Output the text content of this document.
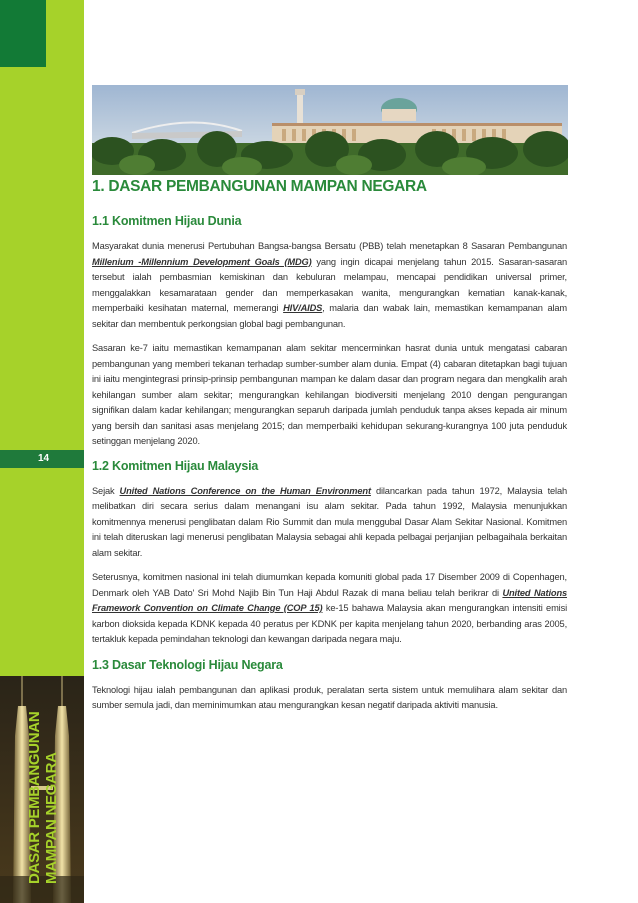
14
DASAR PEMBANGUNAN MAMPAN NEGARA
1. DASAR PEMBANGUNAN MAMPAN NEGARA
1.1 Komitmen Hijau Dunia

Masyarakat dunia menerusi Pertubuhan Bangsa-bangsa Bersatu (PBB) telah menetapkan 8 Sasaran Pembangunan Millenium -Millennium Development Goals (MDG) yang ingin dicapai menjelang tahun 2015. Sasaran-sasaran tersebut ialah pembasmian kemiskinan dan kebuluran melampau, mencapai pendidikan universal primer, menggalakkan kesamarataan gender dan memperkasakan wanita, mengurangkan kematian kanak-kanak, memperbaiki kesihatan maternal, memerangi HIV/AIDS, malaria dan wabak lain, memastikan kemampanan alam sekitar dan membentuk perkongsian global bagi pembangunan.

Sasaran ke-7 iaitu memastikan kemampanan alam sekitar mencerminkan hasrat dunia untuk mengatasi cabaran pembangunan yang memberi tekanan terhadap sumber-sumber alam dunia. Empat (4) cabaran ditetapkan bagi tujuan ini iaitu mengintegrasi prinsip-prinsip pembangunan mampan ke dalam dasar dan program negara dan mengkalih arah kehilangan sumber alam sekitar; mengurangkan kehilangan biodiversiti menjelang 2010 dengan pengurangan signifikan dalam kadar kehilangan; mengurangkan separuh daripada jumlah penduduk tanpa akses kepada air minum yang bersih dan sanitasi asas menjelang 2015; dan memperbaiki kehidupan sekurang-kurangnya 100 juta penduduk setinggan menjelang 2020.

1.2 Komitmen Hijau Malaysia

Sejak United Nations Conference on the Human Environment dilancarkan pada tahun 1972, Malaysia telah melibatkan diri secara serius dalam menangani isu alam sekitar. Pada tahun 1992, Malaysia menunjukkan komitmennya menerusi penglibatan dalam Rio Summit dan mula menggubal Dasar Alam Sekitar Nasional. Komitmen ini telah diteruskan lagi menerusi penglibatan Malaysia sebagai ahli kepada pelbagai perjanjian pelbagaihala berkaitan alam sekitar.

Seterusnya, komitmen nasional ini telah diumumkan kepada komuniti global pada 17 Disember 2009 di Copenhagen, Denmark oleh YAB Dato' Sri Mohd Najib Bin Tun Haji Abdul Razak di mana beliau telah berikrar di United Nations Framework Convention on Climate Change (COP 15) ke-15 bahawa Malaysia akan mengurangkan intensiti emisi karbon dioksida kepada KDNK kepada 40 peratus per KDNK per kapita menjelang tahun 2020, berbanding aras 2005, tertakluk kepada pemindahan teknologi dan kewangan daripada negara maju.

1.3 Dasar Teknologi Hijau Negara

Teknologi hijau ialah pembangunan dan aplikasi produk, peralatan serta sistem untuk memulihara alam sekitar dan sumber semula jadi, dan meminimumkan atau mengurangkan kesan negatif daripada aktiviti manusia.
